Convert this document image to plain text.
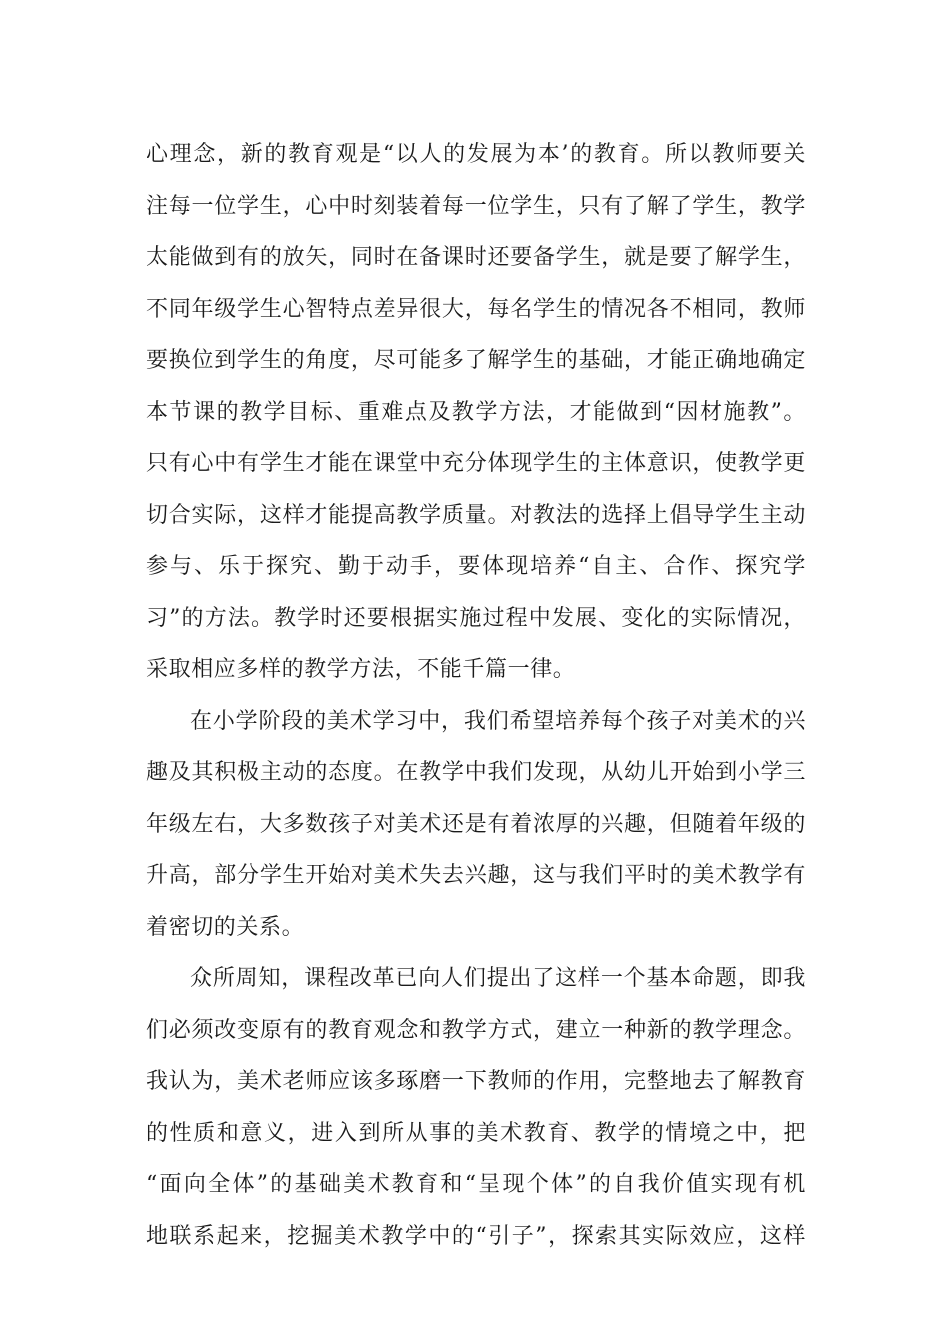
心理念，新的教育观是“以人的发展为本’的教育。所以教师要关
注每一位学生，心中时刻装着每一位学生，只有了解了学生，教学
太能做到有的放矢，同时在备课时还要备学生，就是要了解学生，
不同年级学生心智特点差异很大，每名学生的情况各不相同，教师
要换位到学生的角度，尽可能多了解学生的基础，才能正确地确定
本节课的教学目标、重难点及教学方法，才能做到“因材施教”。
只有心中有学生才能在课堂中充分体现学生的主体意识，使教学更
切合实际，这样才能提高教学质量。对教法的选择上倡导学生主动
参与、乐于探究、勤于动手，要体现培养“自主、合作、探究学
习”的方法。教学时还要根据实施过程中发展、变化的实际情况，
采取相应多样的教学方法，不能千篇一律。
在小学阶段的美术学习中，我们希望培养每个孩子对美术的兴
趣及其积极主动的态度。在教学中我们发现，从幼儿开始到小学三
年级左右，大多数孩子对美术还是有着浓厚的兴趣，但随着年级的
升高，部分学生开始对美术失去兴趣，这与我们平时的美术教学有
着密切的关系。
众所周知，课程改革已向人们提出了这样一个基本命题，即我
们必须改变原有的教育观念和教学方式，建立一种新的教学理念。
我认为，美术老师应该多琢磨一下教师的作用，完整地去了解教育
的性质和意义，进入到所从事的美术教育、教学的情境之中，把
“面向全体”的基础美术教育和“呈现个体”的自我价值实现有机
地联系起来，挖掘美术教学中的“引子”，探索其实际效应，这样
